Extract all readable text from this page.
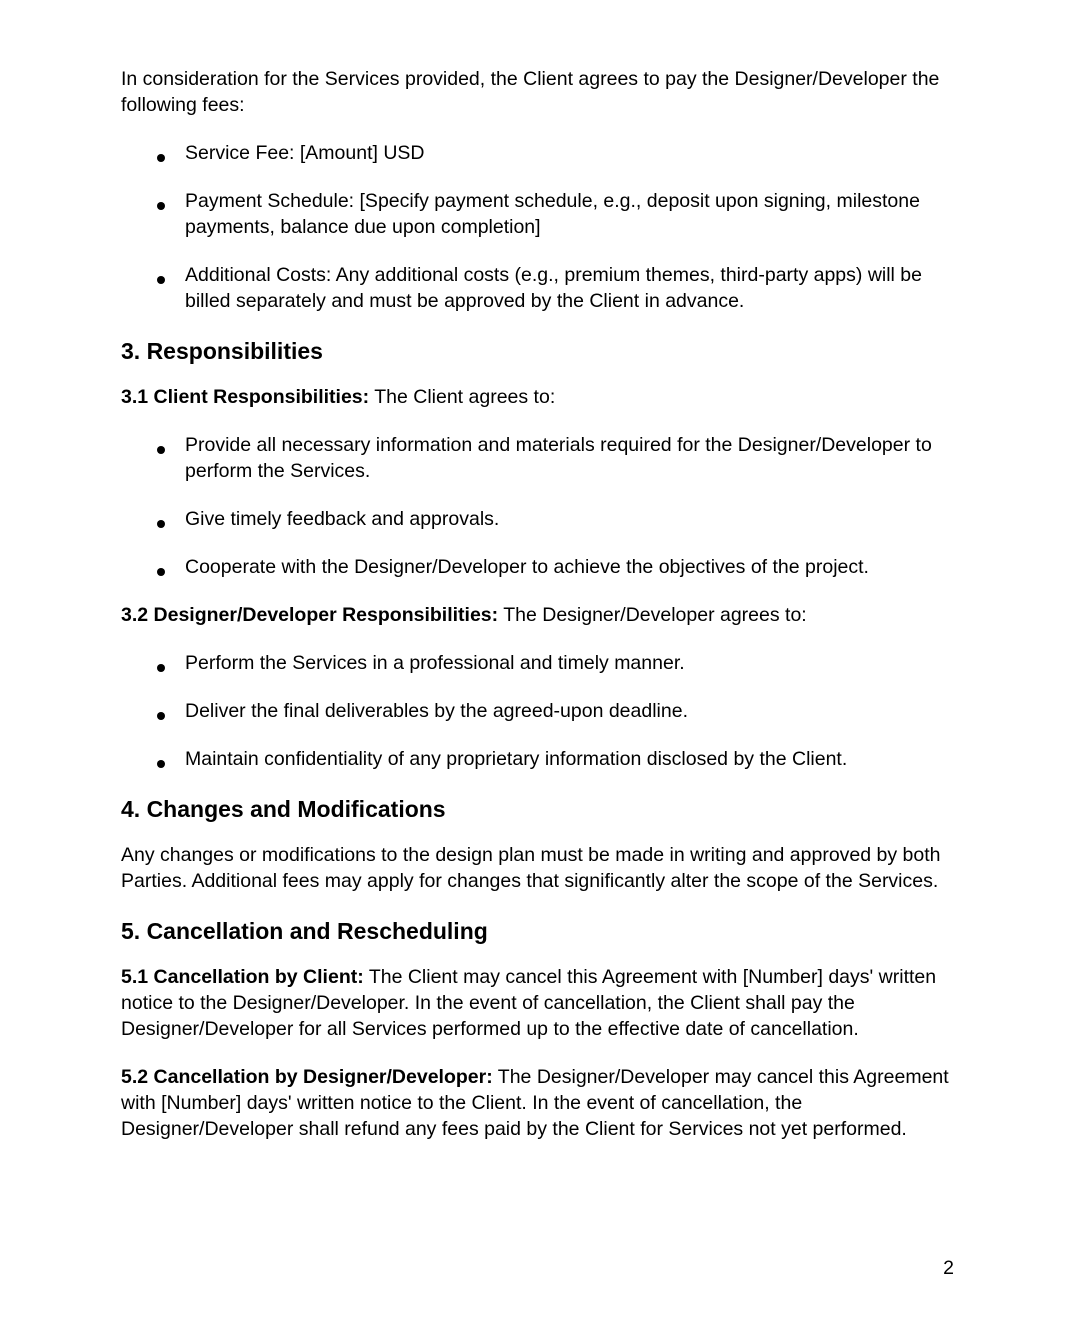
In consideration for the Services provided, the Client agrees to pay the Designer/Developer the following fees:

Service Fee: [Amount] USD
Payment Schedule: [Specify payment schedule, e.g., deposit upon signing, milestone payments, balance due upon completion]
Additional Costs: Any additional costs (e.g., premium themes, third-party apps) will be billed separately and must be approved by the Client in advance.
3. Responsibilities

3.1 Client Responsibilities: The Client agrees to:

Provide all necessary information and materials required for the Designer/Developer to perform the Services.
Give timely feedback and approvals.
Cooperate with the Designer/Developer to achieve the objectives of the project.

3.2 Designer/Developer Responsibilities: The Designer/Developer agrees to:

Perform the Services in a professional and timely manner.
Deliver the final deliverables by the agreed-upon deadline.
Maintain confidentiality of any proprietary information disclosed by the Client.
4. Changes and Modifications

Any changes or modifications to the design plan must be made in writing and approved by both Parties. Additional fees may apply for changes that significantly alter the scope of the Services.

5. Cancellation and Rescheduling

5.1 Cancellation by Client: The Client may cancel this Agreement with [Number] days' written notice to the Designer/Developer. In the event of cancellation, the Client shall pay the Designer/Developer for all Services performed up to the effective date of cancellation.

5.2 Cancellation by Designer/Developer: The Designer/Developer may cancel this Agreement with [Number] days' written notice to the Client. In the event of cancellation, the Designer/Developer shall refund any fees paid by the Client for Services not yet performed.

2
